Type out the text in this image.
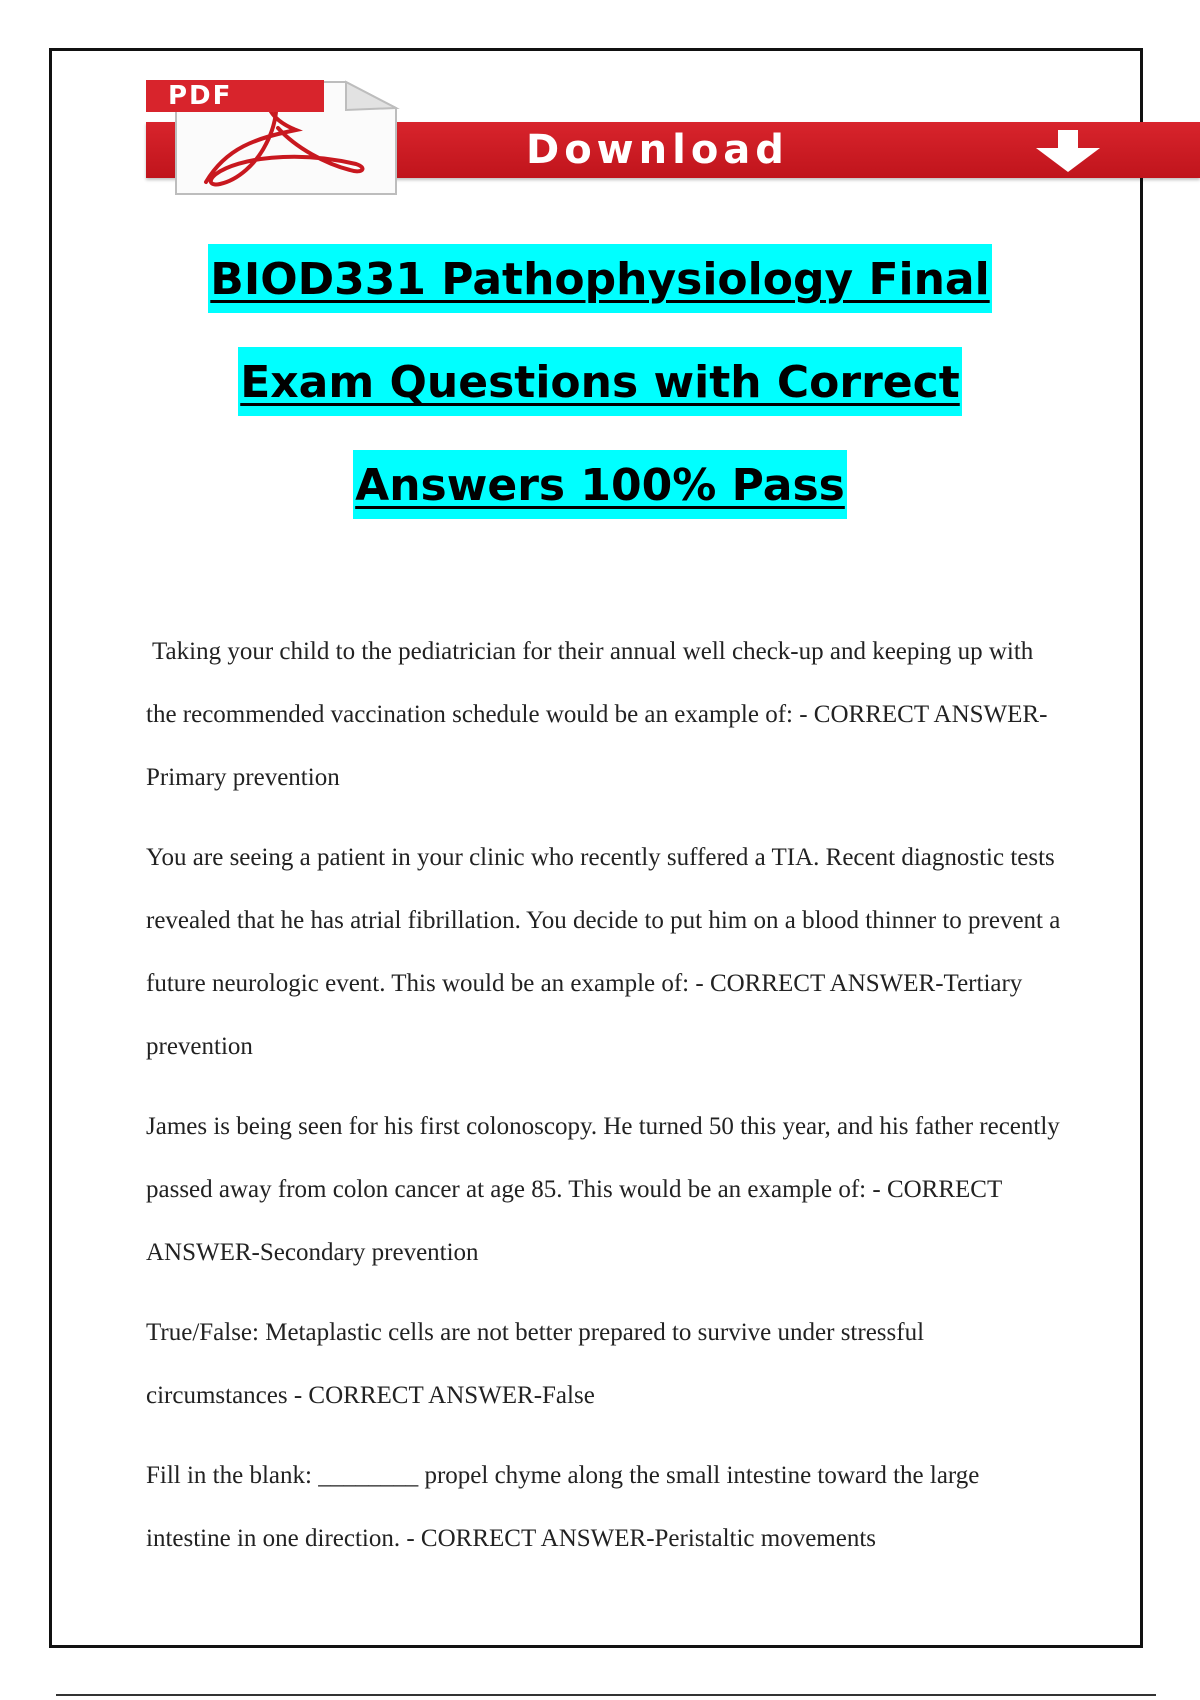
Download
PDF
BIOD331 Pathophysiology Final
Exam Questions with Correct
Answers 100% Pass

Taking your child to the pediatrician for their annual well check-up and keeping up with the recommended vaccination schedule would be an example of: - CORRECT ANSWER-Primary prevention

You are seeing a patient in your clinic who recently suffered a TIA. Recent diagnostic tests revealed that he has atrial fibrillation. You decide to put him on a blood thinner to prevent a future neurologic event. This would be an example of: - CORRECT ANSWER-Tertiary prevention

James is being seen for his first colonoscopy. He turned 50 this year, and his father recently passed away from colon cancer at age 85. This would be an example of: - CORRECT ANSWER-Secondary prevention

True/False: Metaplastic cells are not better prepared to survive under stressful circumstances - CORRECT ANSWER-False

Fill in the blank: ________ propel chyme along the small intestine toward the large intestine in one direction. - CORRECT ANSWER-Peristaltic movements
